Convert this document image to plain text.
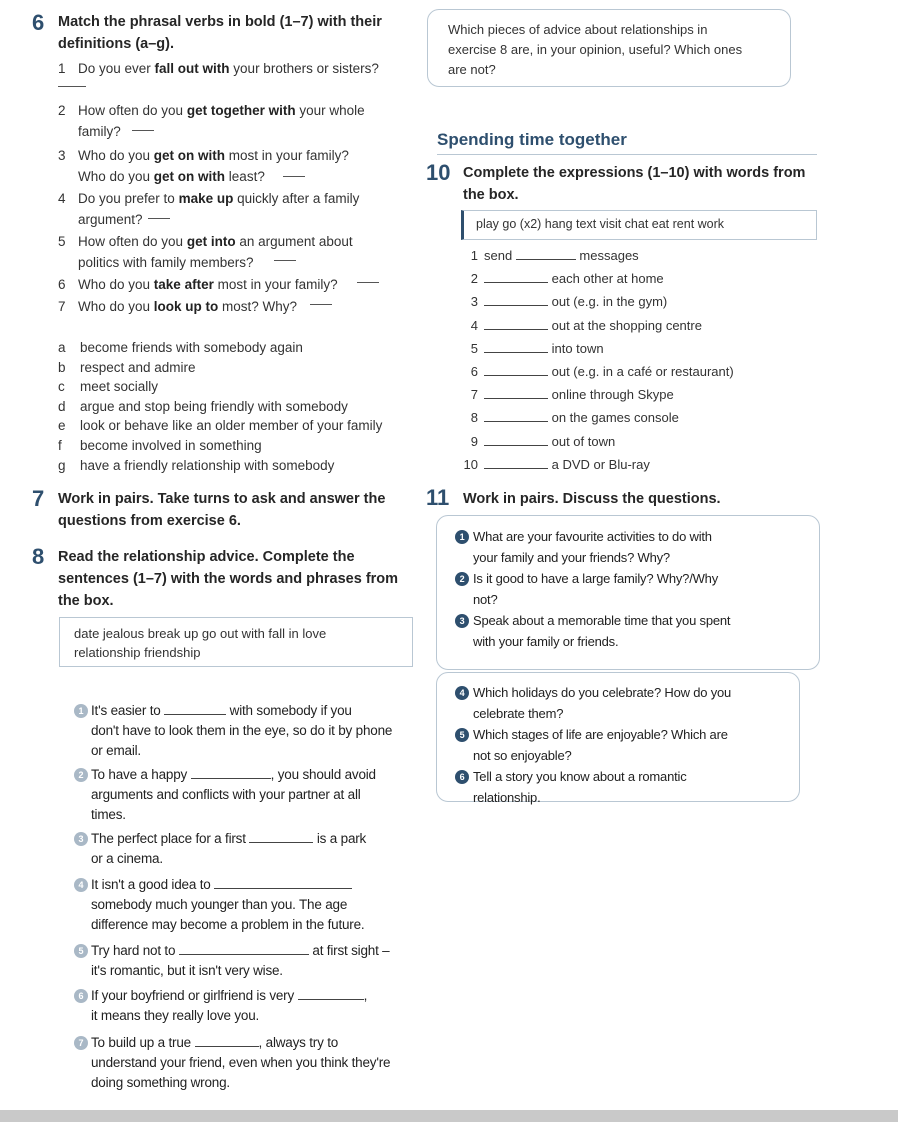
6 Match the phrasal verbs in bold (1–7) with their
definitions (a–g).
1 Do you ever fall out with your brothers or sisters?
2 How often do you get together with your whole
family?
3 Who do you get on with most in your family?
Who do you get on with least?
4 Do you prefer to make up quickly after a family
argument?
5 How often do you get into an argument about
politics with family members?
6 Who do you take after most in your family?
7 Who do you look up to most? Why?
a become friends with somebody again
b respect and admire
c meet socially
d argue and stop being friendly with somebody
e look or behave like an older member of your family
f become involved in something
g have a friendly relationship with somebody
7 Work in pairs. Take turns to ask and answer the
questions from exercise 6.
8 Read the relationship advice. Complete the
sentences (1–7) with the words and phrases from
the box.
date jealous break up go out with fall in love
relationship friendship
1 It's easier to	with somebody if you
don't have to look them in the eye, so do it by phone
or email.
2 To have a happy	, you should avoid
arguments and conflicts with your partner at all
times.
3 The perfect place for a first	is a park
or a cinema.
4 It isn't a good idea to
somebody much younger than you. The age
difference may become a problem in the future.
5 Try hard not to	at first sight –
it's romantic, but it isn't very wise.
6 If your boyfriend or girlfriend is very	,
it means they really love you.
7 To build up a true	, always try to
understand your friend, even when you think they're
doing something wrong.
Which pieces of advice about relationships in
exercise 8 are, in your opinion, useful? Which ones
are not?
Spending time together
10 Complete the expressions (1–10) with words from
the box.
play go (x2) hang text visit chat eat rent work
1 send	messages
2	each other at home
3	out (e.g. in the gym)
4	out at the shopping centre
5	into town
6	out (e.g. in a café or restaurant)
7	online through Skype
8	on the games console
9	out of town
10	a DVD or Blu-ray
11 Work in pairs. Discuss the questions.
1 What are your favourite activities to do with
your family and your friends? Why?
2 Is it good to have a large family? Why?/Why
not?
3 Speak about a memorable time that you spent
with your family or friends.
4 Which holidays do you celebrate? How do you
celebrate them?
5 Which stages of life are enjoyable? Which are
not so enjoyable?
6 Tell a story you know about a romantic
relationship.
